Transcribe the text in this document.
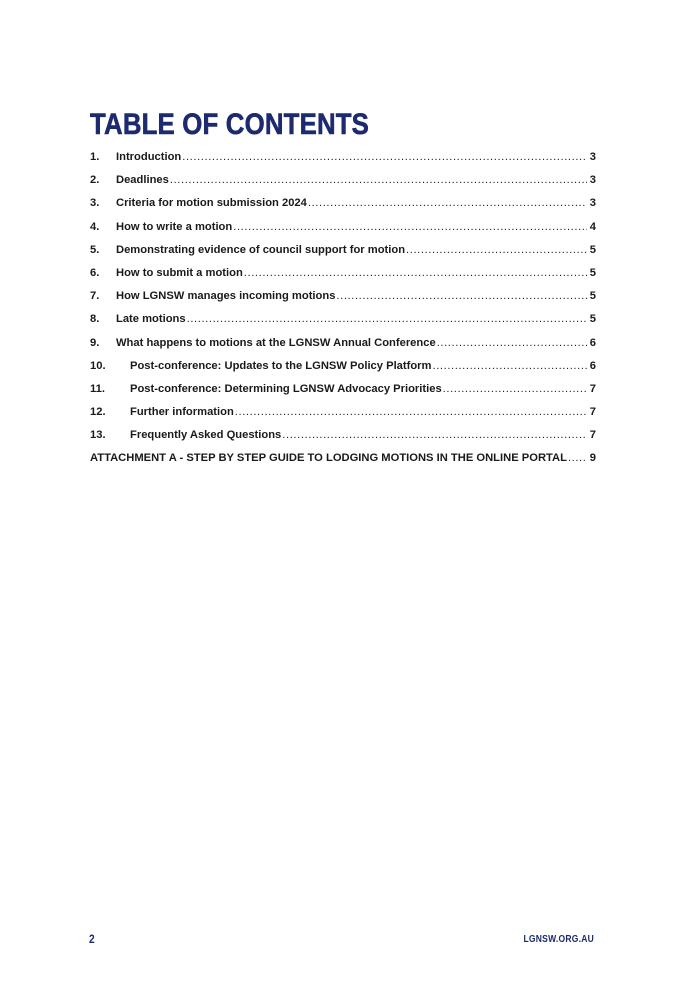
TABLE OF CONTENTS
1.	Introduction .....	3
2.	Deadlines .....	3
3.	Criteria for motion submission 2024 .....	3
4.	How to write a motion .....	4
5.	Demonstrating evidence of council support for motion .....	5
6.	How to submit a motion .....	5
7.	How LGNSW manages incoming motions .....	5
8.	Late motions .....	5
9.	What happens to motions at the LGNSW Annual Conference .....	6
10.	Post-conference: Updates to the LGNSW Policy Platform .....	6
11.	Post-conference: Determining LGNSW Advocacy Priorities .....	7
12.	Further information .....	7
13.	Frequently Asked Questions .....	7
ATTACHMENT A - STEP BY STEP GUIDE TO LODGING MOTIONS IN THE ONLINE PORTAL ..... 9
2	LGNSW.ORG.AU
